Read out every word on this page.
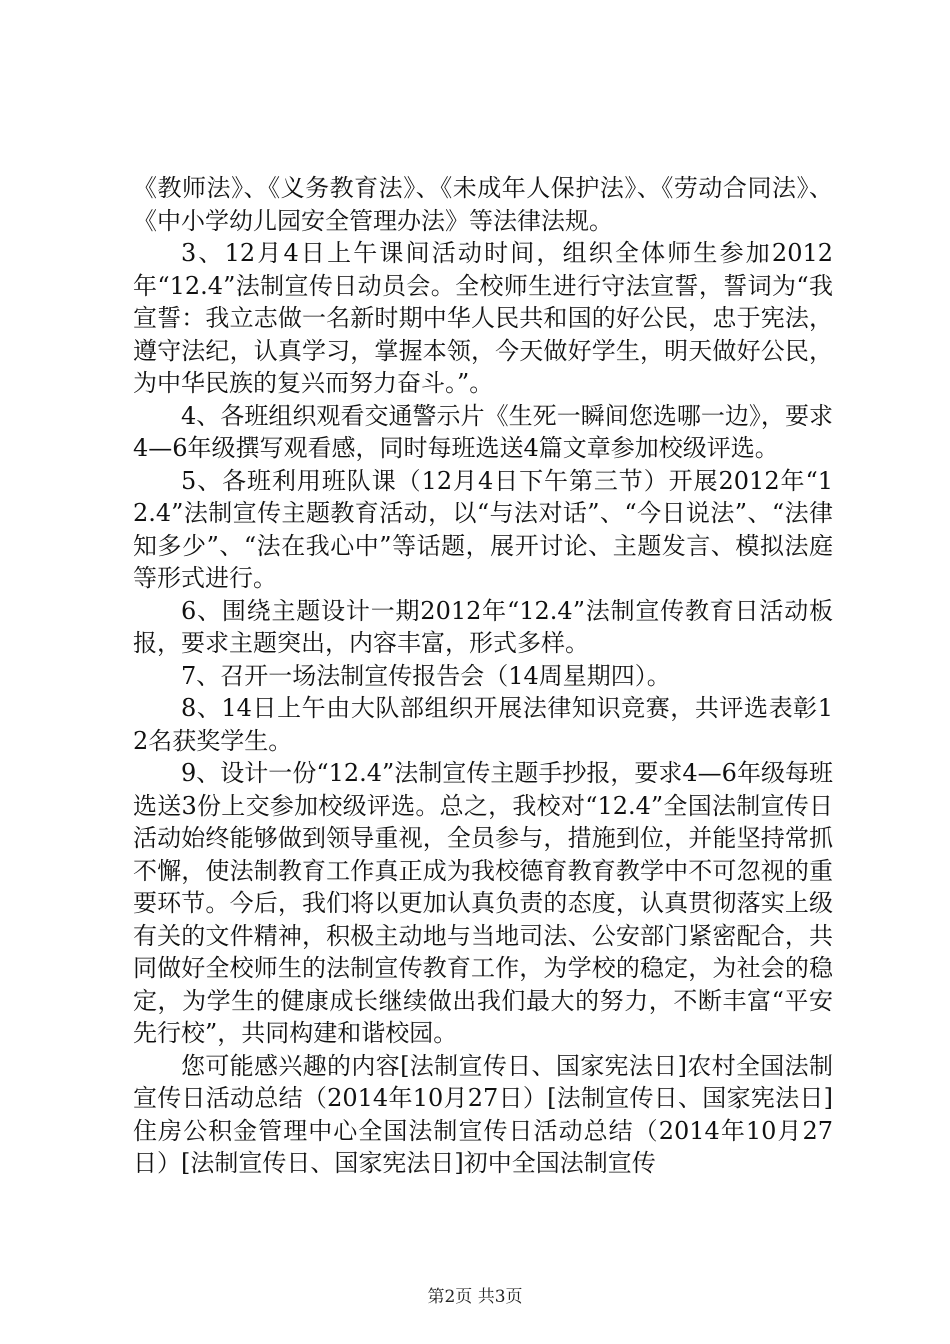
《教师法》、《义务教育法》、《未成年人保护法》、《劳动合同法》、《中小学幼儿园安全管理办法》等法律法规。

3、12月4日上午课间活动时间，组织全体师生参加2012年“12.4”法制宣传日动员会。全校师生进行守法宣誓，誓词为“我宣誓：我立志做一名新时期中华人民共和国的好公民，忠于宪法，遵守法纪，认真学习，掌握本领，今天做好学生，明天做好公民，为中华民族的复兴而努力奋斗。”。

4、各班组织观看交通警示片《生死一瞬间您选哪一边》，要求4—6年级撰写观看感，同时每班选送4篇文章参加校级评选。

5、各班利用班队课（12月4日下午第三节）开展2012年“12.4”法制宣传主题教育活动，以“与法对话”、“今日说法”、“法律知多少”、“法在我心中”等话题，展开讨论、主题发言、模拟法庭等形式进行。

6、围绕主题设计一期2012年“12.4”法制宣传教育日活动板报，要求主题突出，内容丰富，形式多样。

7、召开一场法制宣传报告会（14周星期四）。

8、14日上午由大队部组织开展法律知识竞赛，共评选表彰12名获奖学生。

9、设计一份“12.4”法制宣传主题手抄报，要求4—6年级每班选送3份上交参加校级评选。总之，我校对“12.4”全国法制宣传日活动始终能够做到领导重视，全员参与，措施到位，并能坚持常抓不懈，使法制教育工作真正成为我校德育教育教学中不可忽视的重要环节。今后，我们将以更加认真负责的态度，认真贯彻落实上级有关的文件精神，积极主动地与当地司法、公安部门紧密配合，共同做好全校师生的法制宣传教育工作，为学校的稳定，为社会的稳定，为学生的健康成长继续做出我们最大的努力，不断丰富“平安先行校”，共同构建和谐校园。

您可能感兴趣的内容[法制宣传日、国家宪法日]农村全国法制宣传日活动总结（2014年10月27日）[法制宣传日、国家宪法日]住房公积金管理中心全国法制宣传日活动总结（2014年10月27日）[法制宣传日、国家宪法日]初中全国法制宣传

第2页 共3页
